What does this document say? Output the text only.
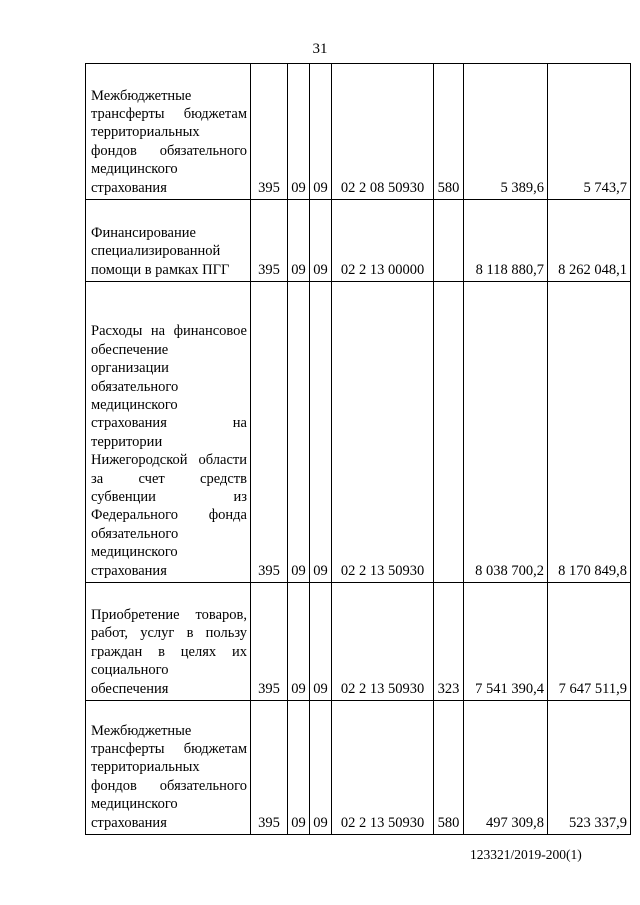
31
Межбюджетные трансферты бюджетам территориальных фондов обязательного медицинского страхования	395	09	09	02 2 08 50930	580	5 389,6	5 743,7

Финансирование специализированной помощи в рамках ПГГ	395	09	09	02 2 13 00000		8 118 880,7	8 262 048,1

Расходы на финансовое обеспечение организации обязательного медицинского страхования на территории Нижегородской области за счет средств субвенции из Федерального фонда обязательного медицинского страхования	395	09	09	02 2 13 50930		8 038 700,2	8 170 849,8

Приобретение товаров, работ, услуг в пользу граждан в целях их социального обеспечения	395	09	09	02 2 13 50930	323	7 541 390,4	7 647 511,9

Межбюджетные трансферты бюджетам территориальных фондов обязательного медицинского страхования	395	09	09	02 2 13 50930	580	497 309,8	523 337,9
123321/2019-200(1)
